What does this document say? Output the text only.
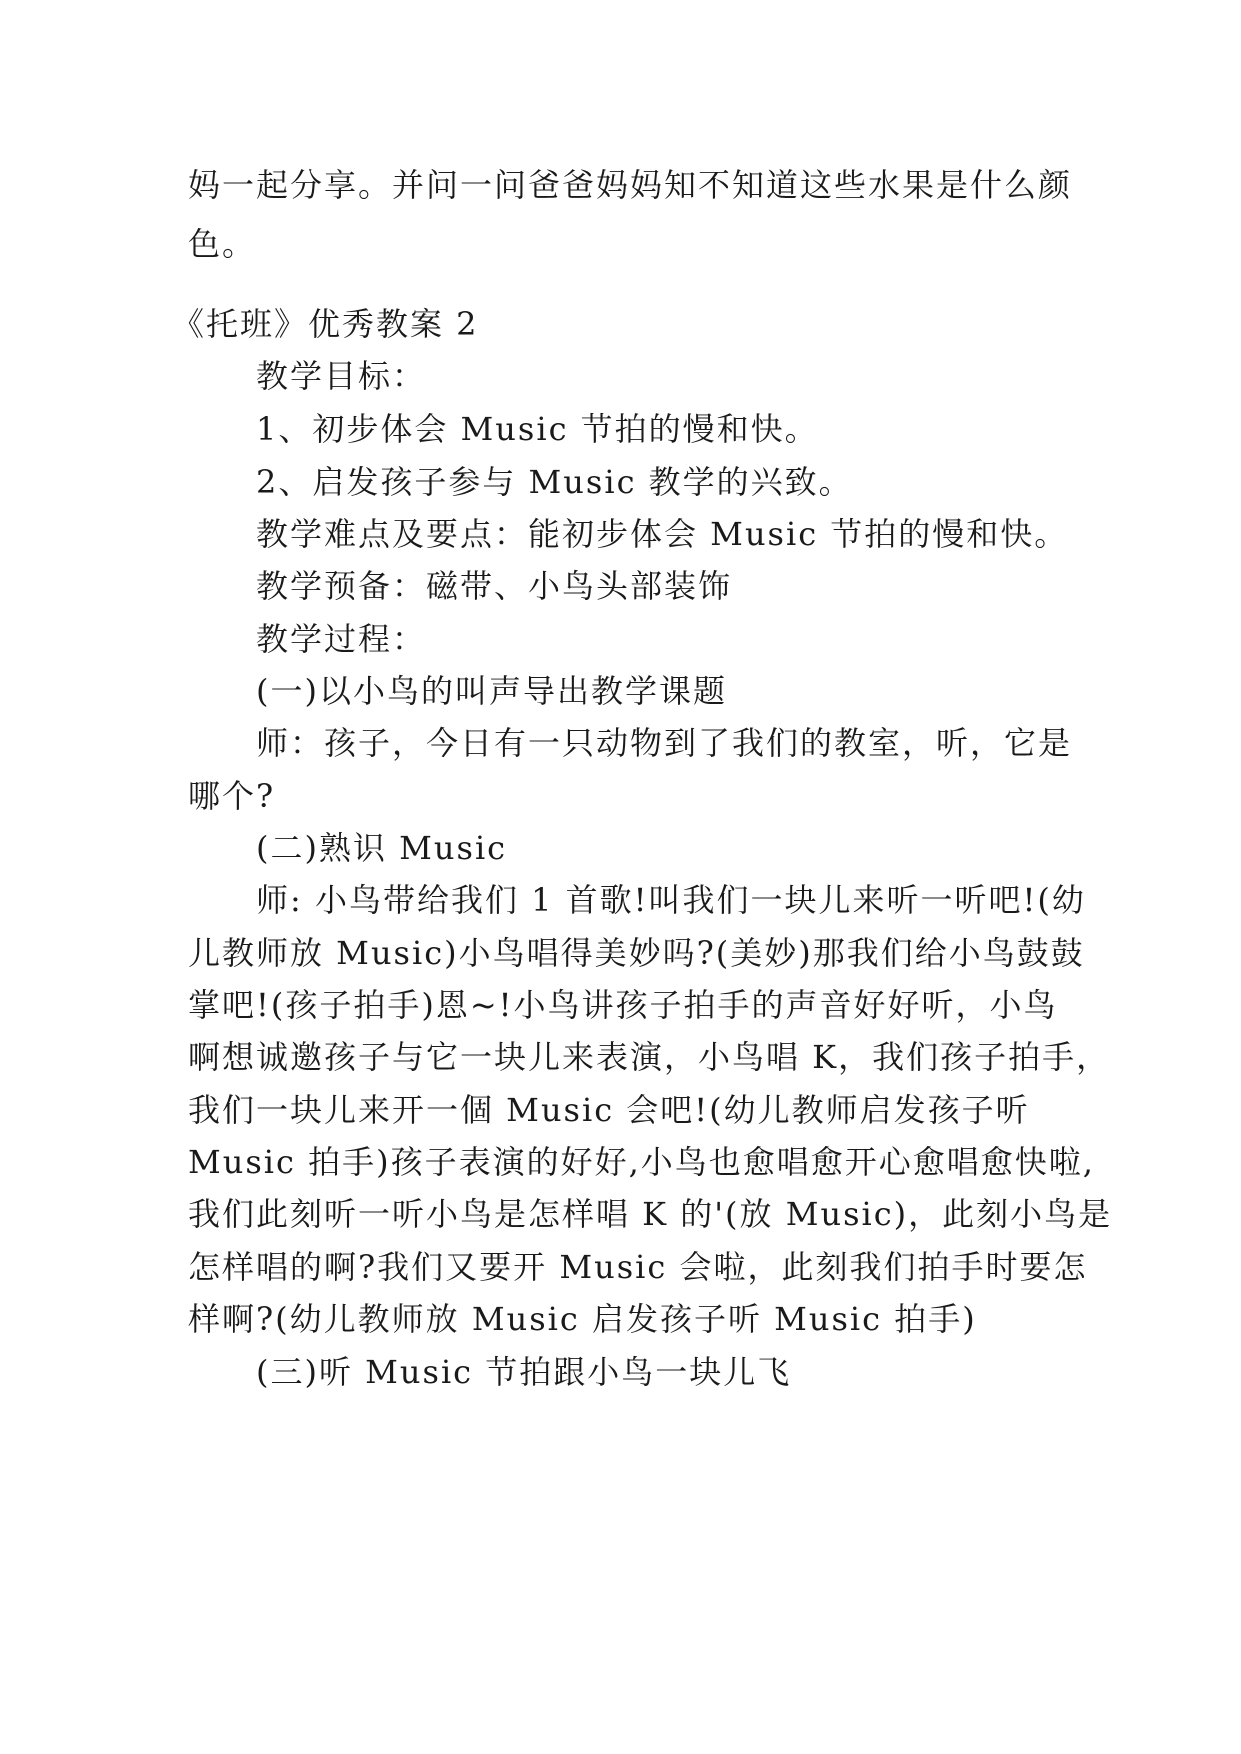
妈一起分享。并问一问爸爸妈妈知不知道这些水果是什么颜

色。

《托班》优秀教案 2

教学目标：

1、初步体会 Music 节拍的慢和快。

2、启发孩子参与 Music 教学的兴致。

教学难点及要点：能初步体会 Music 节拍的慢和快。

教学预备：磁带、小鸟头部装饰

教学过程：

(一)以小鸟的叫声导出教学课题

师：孩子，今日有一只动物到了我们的教室，听，它是

哪个?

(二)熟识 Music

师: 小鸟带给我们 1 首歌!叫我们一块儿来听一听吧!(幼

儿教师放 Music)小鸟唱得美妙吗?(美妙)那我们给小鸟鼓鼓

掌吧!(孩子拍手)恩~!小鸟讲孩子拍手的声音好好听，小鸟

啊想诚邀孩子与它一块儿来表演，小鸟唱 K，我们孩子拍手，

我们一块儿来开一個 Music 会吧!(幼儿教师启发孩子听

Music 拍手)孩子表演的好好,小鸟也愈唱愈开心愈唱愈快啦,

我们此刻听一听小鸟是怎样唱 K 的'(放 Music)，此刻小鸟是

怎样唱的啊?我们又要开 Music 会啦，此刻我们拍手时要怎

样啊?(幼儿教师放 Music 启发孩子听 Music 拍手)

(三)听 Music 节拍跟小鸟一块儿飞
